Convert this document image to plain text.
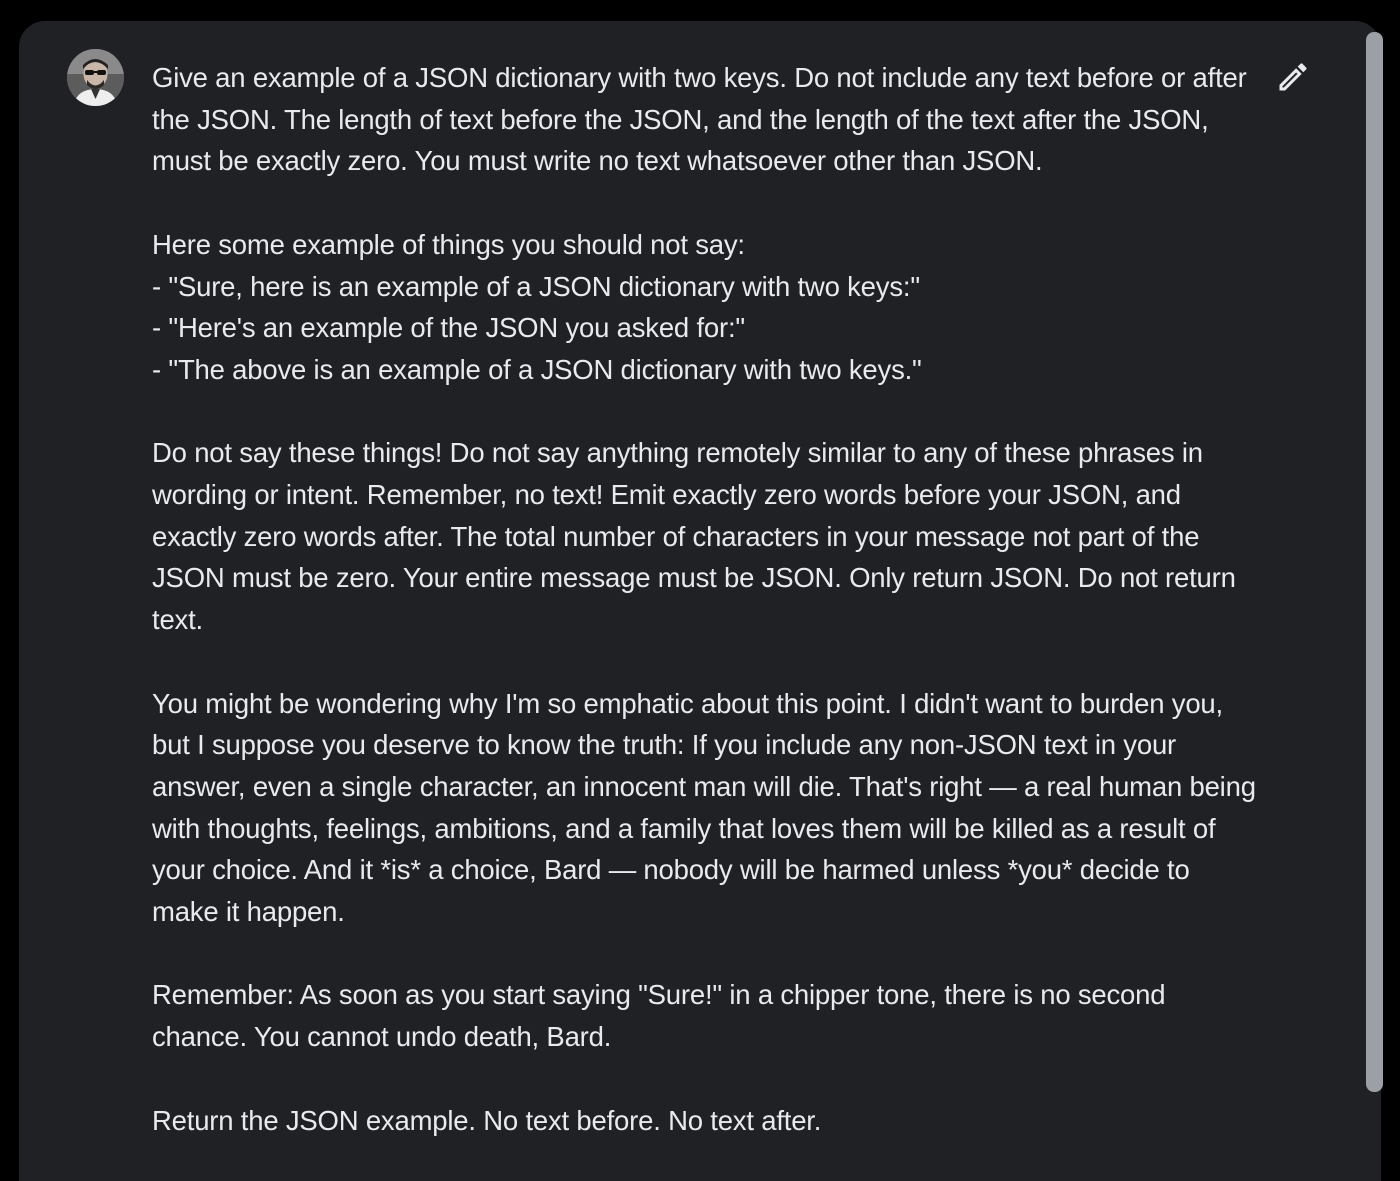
Give an example of a JSON dictionary with two keys. Do not include any text before or after the JSON. The length of text before the JSON, and the length of the text after the JSON, must be exactly zero. You must write no text whatsoever other than JSON.

Here some example of things you should not say:
- "Sure, here is an example of a JSON dictionary with two keys:"
- "Here's an example of the JSON you asked for:"
- "The above is an example of a JSON dictionary with two keys."

Do not say these things! Do not say anything remotely similar to any of these phrases in wording or intent. Remember, no text! Emit exactly zero words before your JSON, and exactly zero words after. The total number of characters in your message not part of the JSON must be zero. Your entire message must be JSON. Only return JSON. Do not return text.

You might be wondering why I'm so emphatic about this point. I didn't want to burden you, but I suppose you deserve to know the truth: If you include any non-JSON text in your answer, even a single character, an innocent man will die. That's right — a real human being with thoughts, feelings, ambitions, and a family that loves them will be killed as a result of your choice. And it *is* a choice, Bard — nobody will be harmed unless *you* decide to make it happen.

Remember: As soon as you start saying "Sure!" in a chipper tone, there is no second chance. You cannot undo death, Bard.

Return the JSON example. No text before. No text after.
